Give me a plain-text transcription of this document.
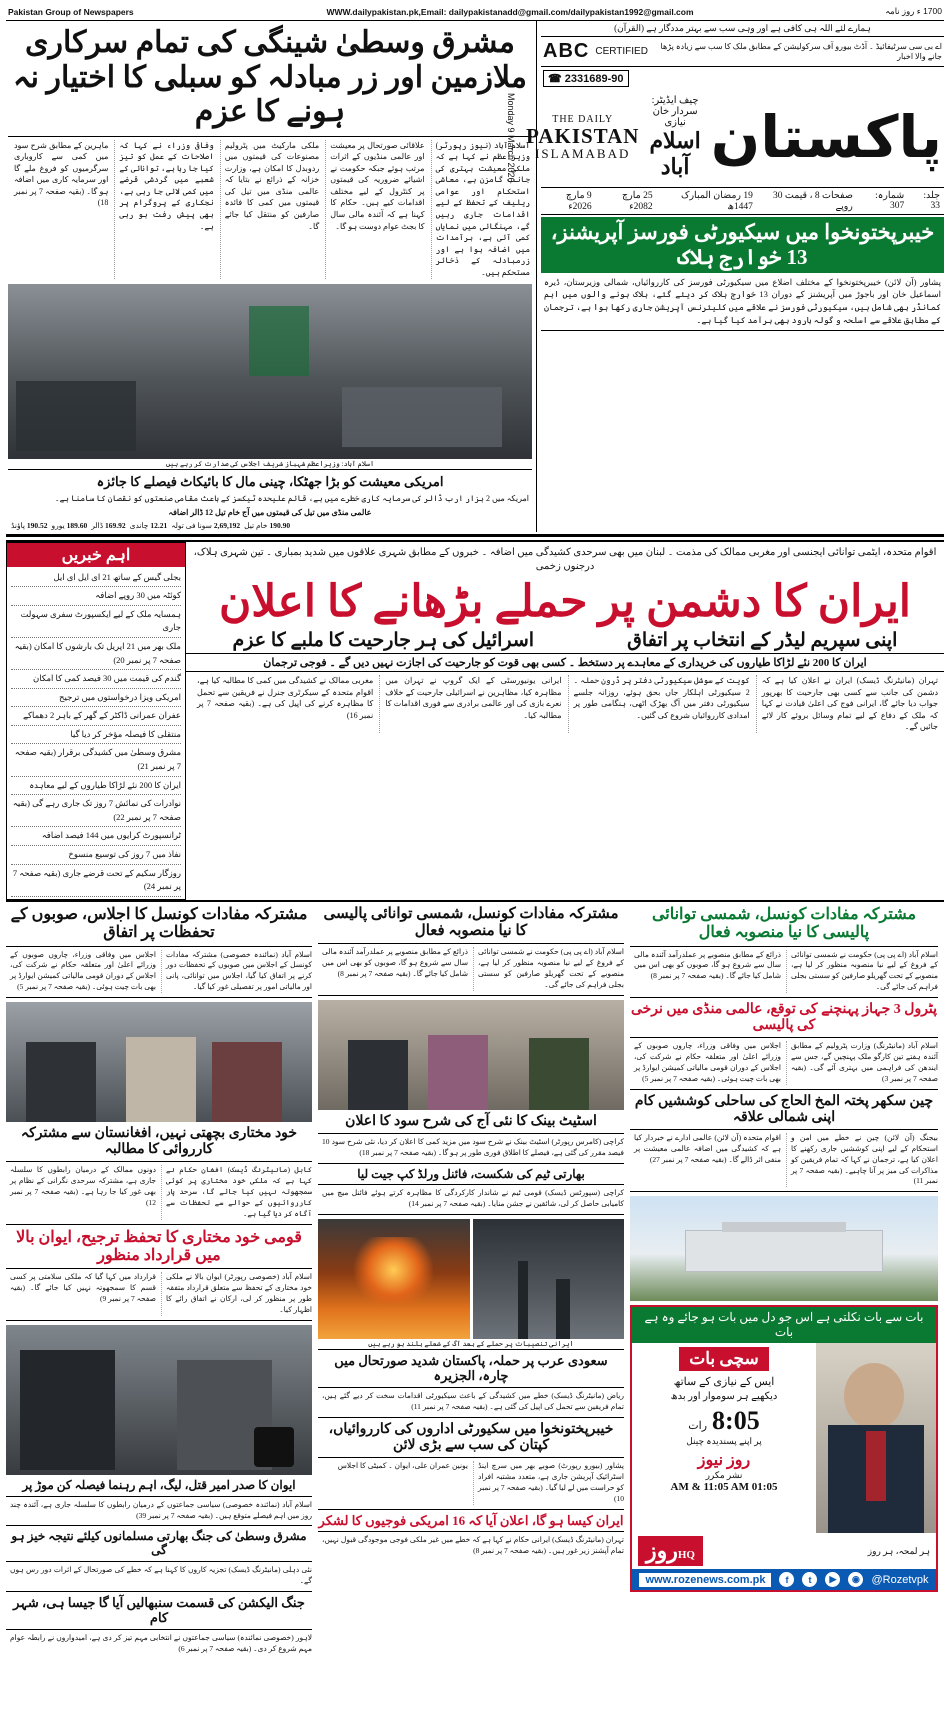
Pakistan Group of Newspapers	WWW.dailypakistan.pk,Email: dailypakistanadd@gmail.com/dailypakistan1992@gmail.com	1700 ء روز نامہ
مشرق وسطیٰ شینگی کی تمام سرکاری ملازمین اور زر مبادلہ کو سبلی کا اختیار نہ ہونے کا عزم
اسلام آباد (نیوز رپورٹر) وزیراعظم نے کہا ہے کہ ملکی معیشت بہتری کی جانب گامزن ہے، معاشی استحکام اور عوامی ریلیف کے تحفظ کے لیے اقدامات جاری رہیں گے، مہنگائی میں نمایاں کمی آئی ہے، برآمدات میں اضافہ ہوا ہے اور زرمبادلہ کے ذخائر مستحکم ہیں۔
علاقائی صورتحال پر معیشت اور عالمی منڈیوں کے اثرات مرتب ہوئے جبکہ حکومت نے اشیائے ضروریہ کی قیمتوں پر کنٹرول کے لیے مختلف اقدامات کیے ہیں۔ حکام کا کہنا ہے کہ آئندہ مالی سال کا بجٹ عوام دوست ہو گا۔
ملکی مارکیٹ میں پٹرولیم مصنوعات کی قیمتوں میں ردوبدل کا امکان ہے، وزارت خزانہ کے ذرائع نے بتایا کہ عالمی منڈی میں تیل کی قیمتوں میں کمی کا فائدہ صارفین کو منتقل کیا جائے گا۔
وفاقی وزراء نے کہا کہ اصلاحات کے عمل کو تیز کیا جا رہا ہے، توانائی کے شعبے میں گردشی قرضے میں کمی لائی جا رہی ہے، نجکاری کے پروگرام پر بھی پیش رفت ہو رہی ہے۔
ماہرین کے مطابق شرح سود میں کمی سے کاروباری سرگرمیوں کو فروغ ملے گا اور سرمایہ کاری میں اضافہ ہو گا۔ (بقیہ صفحہ 7 پر نمبر 18)
اسلام آباد: وزیراعظم شہباز شریف اجلاس کی صدارت کر رہے ہیں
امریکی معیشت کو بڑا جھٹکا، چینی مال کا بائیکاٹ فیصلے کا جائزہ
امریکہ میں 2 ہزار ارب ڈالر کی سرمایہ کاری خطرے میں ہے، قائم علیحدہ ٹیکسز کے باعث مقامی صنعتوں کو نقصان کا سامنا ہے۔
عالمی منڈی میں تیل کی قیمتوں میں آج خام تیل 12 ڈالر اضافہ
190.90 خام تیل
2,69,192 سونا فی تولہ
12.21 چاندی
169.92 ڈالر
189.60 یورو
190.52 پاؤنڈ
ہمارے لئے اللہ ہی کافی ہے اور وہی سب سے بہتر مددگار ہے (القرآن)
ABC CERTIFIED	اے بی سی سرٹیفائیڈ ۔ آڈٹ بیورو آف سرکولیشن کے مطابق ملک کا سب سے زیادہ پڑھا جانے والا اخبار
☎ 2331689-90
Monday 9 March 2026	THE DAILY
PAKISTAN
ISLAMABAD
چیف ایڈیٹر: سردار خان نیازی
اسلام آباد پاکستان
جلد: 33
شمارہ: 307
صفحات 8 ، قیمت 30 روپے
19 رمضان المبارک 1447ھ
25 مارچ 2082ء
9 مارچ 2026ء
خیبرپختونخوا میں سیکیورٹی فورسز آپریشنز، 13 خوارج ہلاک
پشاور (آن لائن) خیبرپختونخوا کے مختلف اضلاع میں سیکیورٹی فورسز کی کارروائیاں، شمالی وزیرستان، ڈیرہ اسماعیل خان اور باجوڑ میں آپریشنز کے دوران 13 خوارج ہلاک کر دیئے گئے، ہلاک ہونے والوں میں اہم کمانڈر بھی شامل ہیں، سیکیورٹی فورسز نے علاقے میں کلیئرنس آپریشن جاری رکھا ہوا ہے، ترجمان کے مطابق علاقے سے اسلحہ و گولہ بارود بھی برآمد کیا گیا ہے۔
اہم خبریں
بجلی گیس کے ساتھ 21 ای ایل ای ایل
کوئٹہ میں 30 روپے اضافہ
ہمسایہ ملک کے لیے ایکسپورٹ سفری سہولت جاری
ملک بھر میں 21 اپریل تک بارشوں کا امکان (بقیہ صفحہ 7 پر نمبر 20)
گندم کی قیمت میں 30 فیصد کمی کا امکان
امریکی ویزا درخواستوں میں ترجیح
عفران عمرانی ڈاکٹر کے گھر کے باہر 2 دھماکے
منتقلی کا فیصلہ مؤخر کر دیا گیا
مشرق وسطیٰ میں کشیدگی برقرار (بقیہ صفحہ 7 پر نمبر 21)
ایران کا 200 نئے لڑاکا طیاروں کے لیے معاہدہ
نوادرات کی نمائش 7 روز تک جاری رہے گی (بقیہ صفحہ 7 پر نمبر 22)
ٹرانسپورٹ کرایوں میں 144 فیصد اضافہ
نفاذ میں 7 روز کی توسیع منسوخ
روزگار سکیم کے تحت قرضے جاری (بقیہ صفحہ 7 پر نمبر 24)
اقوام متحدہ، ایٹمی توانائی ایجنسی اور مغربی ممالک کی مذمت ۔ لبنان میں بھی سرحدی کشیدگی میں اضافہ ۔ خبروں کے مطابق شہری علاقوں میں شدید بمباری ۔ تین شہری ہلاک، درجنوں زخمی
ایران کا دشمن پر حملے بڑھانے کا اعلان
اسرائیل کی ہر جارحیت کا ملبے کا عزم	اپنی سپریم لیڈر کے انتخاب پر اتفاق
ایران کا 200 نئے لڑاکا طیاروں کی خریداری کے معاہدے پر دستخط ۔ کسی بھی قوت کو جارحیت کی اجازت نہیں دیں گے ۔ فوجی ترجمان
تہران (مانیٹرنگ ڈیسک) ایران نے اعلان کیا ہے کہ دشمن کی جانب سے کسی بھی جارحیت کا بھرپور جواب دیا جائے گا، ایرانی فوج کی اعلیٰ قیادت نے کہا کہ ملک کے دفاع کے لیے تمام وسائل بروئے کار لائے جائیں گے۔
کویت کے سوشل سیکیورٹی دفتر پر ڈرون حملہ ۔ 2 سیکیورٹی اہلکار جاں بحق ہوئے، روزانہ جلسے سیکیورٹی دفتر میں آگ بھڑک اٹھی، ہنگامی طور پر امدادی کارروائیاں شروع کی گئیں۔
ایرانی یونیورسٹی کے ایک گروپ نے تہران میں مظاہرہ کیا، مظاہرین نے اسرائیلی جارحیت کے خلاف نعرے بازی کی اور عالمی برادری سے فوری اقدامات کا مطالبہ کیا۔
مغربی ممالک نے کشیدگی میں کمی کا مطالبہ کیا ہے، اقوام متحدہ کے سیکرٹری جنرل نے فریقین سے تحمل کا مظاہرہ کرنے کی اپیل کی ہے۔ (بقیہ صفحہ 7 پر نمبر 16)
مشترکہ مفادات کونسل کا اجلاس، صوبوں کے تحفظات پر اتفاق
اسلام آباد (نمائندہ خصوصی) مشترکہ مفادات کونسل کے اجلاس میں صوبوں کے تحفظات دور کرنے پر اتفاق کیا گیا، اجلاس میں توانائی، پانی اور مالیاتی امور پر تفصیلی غور کیا گیا۔
اجلاس میں وفاقی وزراء، چاروں صوبوں کے وزرائے اعلیٰ اور متعلقہ حکام نے شرکت کی، اجلاس کے دوران قومی مالیاتی کمیشن ایوارڈ پر بھی بات چیت ہوئی۔ (بقیہ صفحہ 7 پر نمبر 5)
خود مختاری بچھتی نہیں، افغانستان سے مشترکہ کارروائی کا مطالبہ
کابل (مانیٹرنگ ڈیسک) افغان حکام نے کہا ہے کہ ملکی خود مختاری پر کوئی سمجھوتہ نہیں کیا جائے گا، سرحد پار کارروائیوں کے حوالے سے تحفظات سے آگاہ کر دیا گیا ہے۔
دونوں ممالک کے درمیان رابطوں کا سلسلہ جاری ہے، مشترکہ سرحدی نگرانی کے نظام پر بھی غور کیا جا رہا ہے۔ (بقیہ صفحہ 7 پر نمبر 12)
قومی خود مختاری کا تحفظ ترجیح، ایوان بالا میں قرارداد منظور
اسلام آباد (خصوصی رپورٹر) ایوان بالا نے ملکی خود مختاری کے تحفظ سے متعلق قرارداد متفقہ طور پر منظور کر لی، ارکان نے اتفاق رائے کا اظہار کیا۔
قرارداد میں کہا گیا کہ ملکی سلامتی پر کسی قسم کا سمجھوتہ نہیں کیا جائے گا۔ (بقیہ صفحہ 7 پر نمبر 9)
ایوان کا صدر امیر قتل، لیگ، اہم رہنما فیصلہ کن موڑ پر
اسلام آباد (نمائندہ خصوصی) سیاسی جماعتوں کے درمیان رابطوں کا سلسلہ جاری ہے، آئندہ چند روز میں اہم فیصلے متوقع ہیں۔ (بقیہ صفحہ 7 پر نمبر 39)
مشرق وسطیٰ کی جنگ بھارتی مسلمانوں کیلئے نتیجہ خیز ہو گی
نئی دہلی (مانیٹرنگ ڈیسک) تجزیہ کاروں کا کہنا ہے کہ خطے کی صورتحال کے اثرات دور رس ہوں گے۔
جنگ الیکشن کی قسمت سنبھالیں آیا گا جیسا ہی، شہر کام
لاہور (خصوصی نمائندہ) سیاسی جماعتوں نے انتخابی مہم تیز کر دی ہے، امیدواروں نے رابطہ عوام مہم شروع کر دی۔ (بقیہ صفحہ 7 پر نمبر 6)
مشترکہ مفادات کونسل، شمسی توانائی پالیسی کا نیا منصوبہ فعال
اسلام آباد (اے پی پی) حکومت نے شمسی توانائی کے فروغ کے لیے نیا منصوبہ منظور کر لیا ہے، منصوبے کے تحت گھریلو صارفین کو سستی بجلی فراہم کی جائے گی۔
ذرائع کے مطابق منصوبے پر عملدرآمد آئندہ مالی سال سے شروع ہو گا، صوبوں کو بھی اس میں شامل کیا جائے گا۔ (بقیہ صفحہ 7 پر نمبر 8)
اسٹیٹ بینک کا نئی آج کی شرح سود کا اعلان
کراچی (کامرس رپورٹر) اسٹیٹ بینک نے شرح سود میں مزید کمی کا اعلان کر دیا، نئی شرح سود 10 فیصد مقرر کی گئی ہے، فیصلے کا اطلاق فوری طور پر ہو گا۔ (بقیہ صفحہ 7 پر نمبر 18)
بھارتی ٹیم کی شکست، فائنل ورلڈ کپ جیت لیا
کراچی (سپورٹس ڈیسک) قومی ٹیم نے شاندار کارکردگی کا مظاہرہ کرتے ہوئے فائنل میچ میں کامیابی حاصل کر لی، شائقین نے جشن منایا۔ (بقیہ صفحہ 7 پر نمبر 14)
ایرانی تنصیبات پر حملے کے بعد آگ کے شعلے بلند ہو رہے ہیں
سعودی عرب پر حملہ، پاکستان شدید صورتحال میں چارہ، الجزیرہ
ریاض (مانیٹرنگ ڈیسک) خطے میں کشیدگی کے باعث سیکیورٹی اقدامات سخت کر دیے گئے ہیں، تمام فریقین سے تحمل کی اپیل کی گئی ہے۔ (بقیہ صفحہ 7 پر نمبر 11)
خیبرپختونخوا میں سکیورٹی اداروں کی کارروائیاں، کپتان کی سب سے بڑی لائن
پشاور (بیورو رپورٹ) صوبے بھر میں سرچ اینڈ اسٹرائیک آپریشن جاری ہے، متعدد مشتبہ افراد کو حراست میں لے لیا گیا۔ (بقیہ صفحہ 7 پر نمبر 10)
یونین عمران علی، ایوان ۔ کمیٹی کا اجلاس
ایران کیسا ہو گا، اعلان آیا کہ 16 امریکی فوجیوں کا لشکر
تہران (مانیٹرنگ ڈیسک) ایرانی حکام نے کہا ہے کہ خطے میں غیر ملکی فوجی موجودگی قبول نہیں، تمام آپشنز زیر غور ہیں۔ (بقیہ صفحہ 7 پر نمبر 8)
مشترکہ مفادات کونسل، شمسی توانائی پالیسی کا نیا منصوبہ فعال
اسلام آباد (اے پی پی) حکومت نے شمسی توانائی کے فروغ کے لیے نیا منصوبہ منظور کر لیا ہے، منصوبے کے تحت گھریلو صارفین کو سستی بجلی فراہم کی جائے گی۔
ذرائع کے مطابق منصوبے پر عملدرآمد آئندہ مالی سال سے شروع ہو گا، صوبوں کو بھی اس میں شامل کیا جائے گا۔ (بقیہ صفحہ 7 پر نمبر 8)
پٹرول 3 جہاز پہنچنے کی توقع، عالمی منڈی میں نرخی کی پالیسی
اسلام آباد (مانیٹرنگ) وزارت پٹرولیم کے مطابق آئندہ ہفتے تین کارگو ملک پہنچیں گے، جس سے ایندھن کی فراہمی میں بہتری آئے گی۔ (بقیہ صفحہ 7 پر نمبر 3)
اجلاس میں وفاقی وزراء، چاروں صوبوں کے وزرائے اعلیٰ اور متعلقہ حکام نے شرکت کی، اجلاس کے دوران قومی مالیاتی کمیشن ایوارڈ پر بھی بات چیت ہوئی۔ (بقیہ صفحہ 7 پر نمبر 5)
چین سکھر پختہ المخ الحاج کی ساحلی کوششیں کام اپنی شمالی علاقہ
بیجنگ (آن لائن) چین نے خطے میں امن و استحکام کے لیے اپنی کوششیں جاری رکھنے کا اعلان کیا ہے، ترجمان نے کہا کہ تمام فریقین کو مذاکرات کی میز پر آنا چاہیے۔ (بقیہ صفحہ 7 پر نمبر 11)
اقوام متحدہ (آن لائن) عالمی ادارے نے خبردار کیا ہے کہ کشیدگی میں اضافہ عالمی معیشت پر منفی اثر ڈالے گا۔ (بقیہ صفحہ 7 پر نمبر 27)
بات سے بات نکلتی ہے اس جو دل میں بات ہو جائے وہ ہے بات
سچی بات
ایس کے نیازی کے ساتھ
دیکھیے ہر سوموار اور بدھ
8:05
رات
پر اپنے پسندیدہ چینل
روز نیوز
نشر مکرر
01:05 AM & 11:05 AM
روزHQ	ہر لمحہ، ہر روز
www.rozenews.com.pk	f	t	▶	◉	@Rozetvpk
